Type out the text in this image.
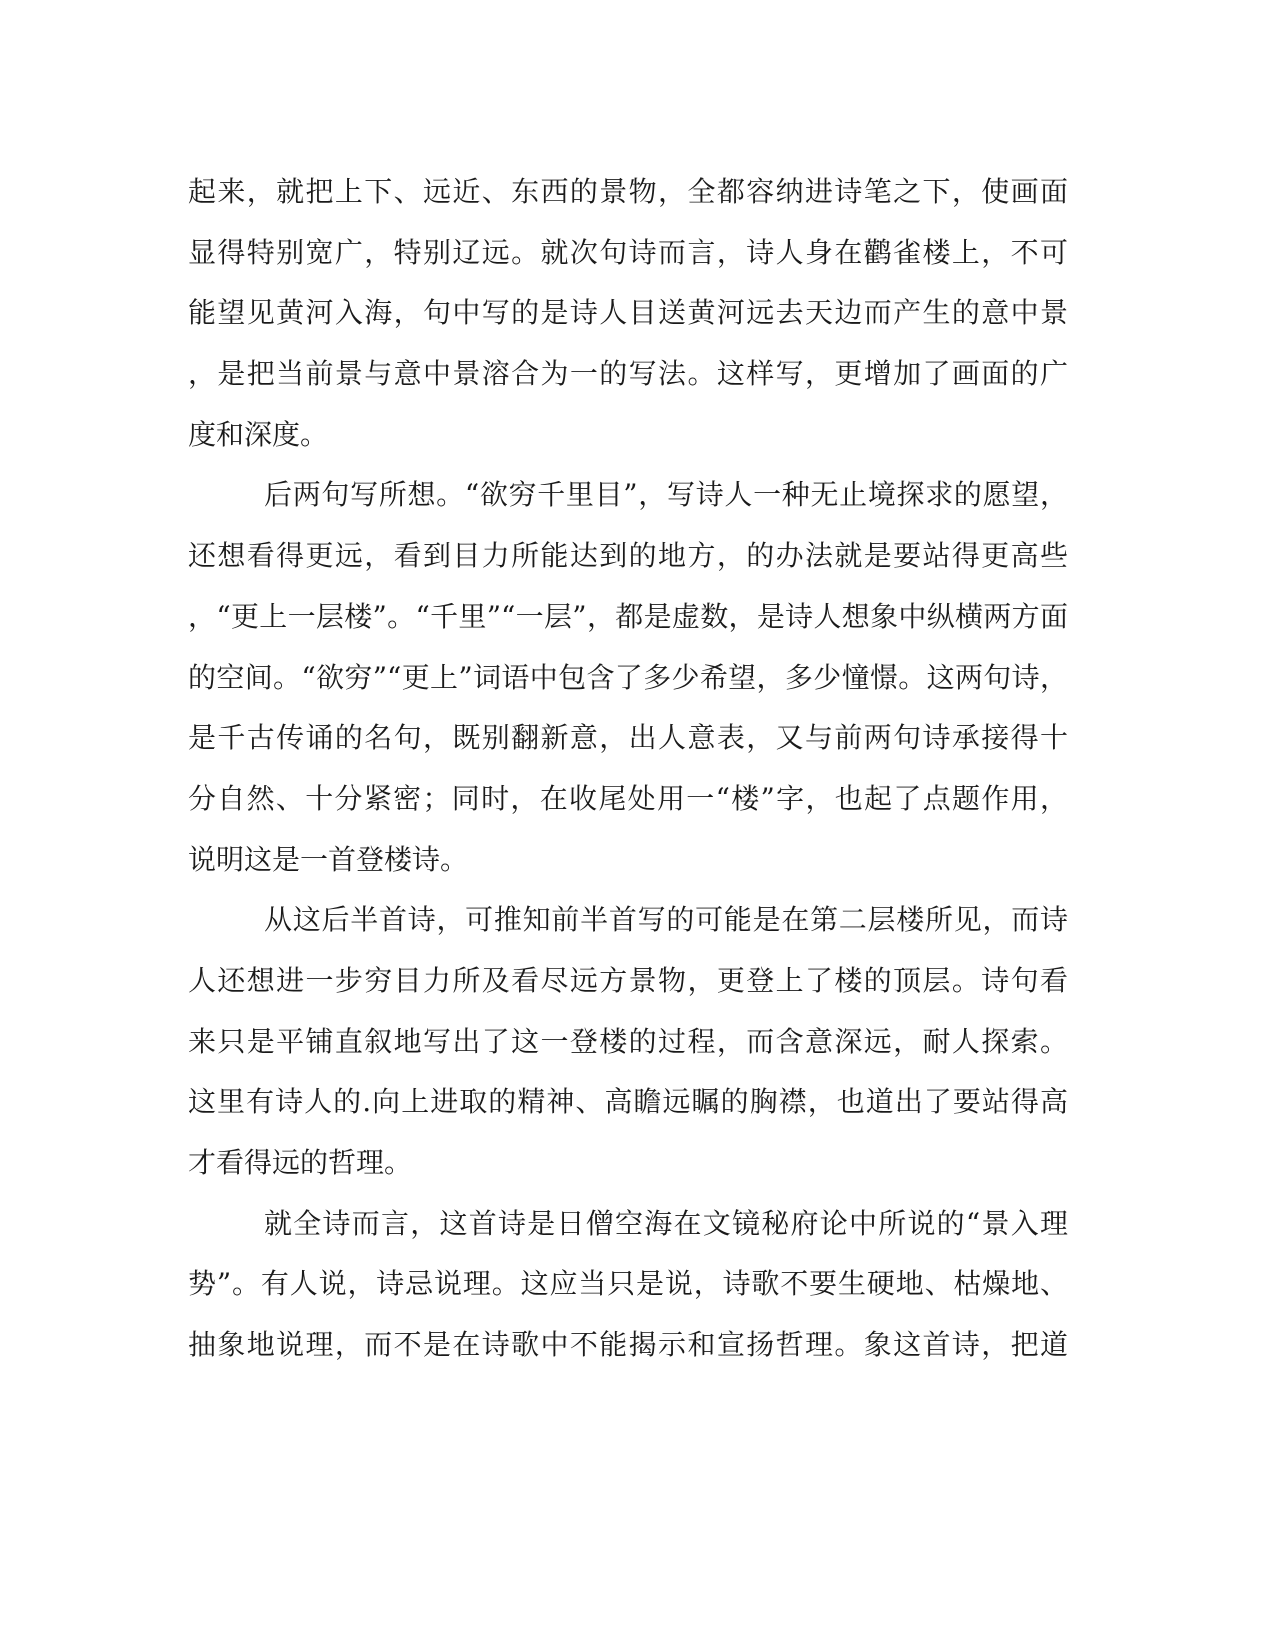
起来，就把上下、远近、东西的景物，全都容纳进诗笔之下，使画面
显得特别宽广，特别辽远。就次句诗而言，诗人身在鹳雀楼上，不可
能望见黄河入海，句中写的是诗人目送黄河远去天边而产生的意中景
，是把当前景与意中景溶合为一的写法。这样写，更增加了画面的广
度和深度。
后两句写所想。“欲穷千里目”，写诗人一种无止境探求的愿望，
还想看得更远，看到目力所能达到的地方，的办法就是要站得更高些
，“更上一层楼”。“千里”“一层”，都是虚数，是诗人想象中纵横两方面
的空间。“欲穷”“更上”词语中包含了多少希望，多少憧憬。这两句诗，
是千古传诵的名句，既别翻新意，出人意表，又与前两句诗承接得十
分自然、十分紧密；同时，在收尾处用一“楼”字，也起了点题作用，
说明这是一首登楼诗。
从这后半首诗，可推知前半首写的可能是在第二层楼所见，而诗
人还想进一步穷目力所及看尽远方景物，更登上了楼的顶层。诗句看
来只是平铺直叙地写出了这一登楼的过程，而含意深远，耐人探索。
这里有诗人的.向上进取的精神、高瞻远瞩的胸襟，也道出了要站得高
才看得远的哲理。
就全诗而言，这首诗是日僧空海在文镜秘府论中所说的“景入理
势”。有人说，诗忌说理。这应当只是说，诗歌不要生硬地、枯燥地、
抽象地说理，而不是在诗歌中不能揭示和宣扬哲理。象这首诗，把道
